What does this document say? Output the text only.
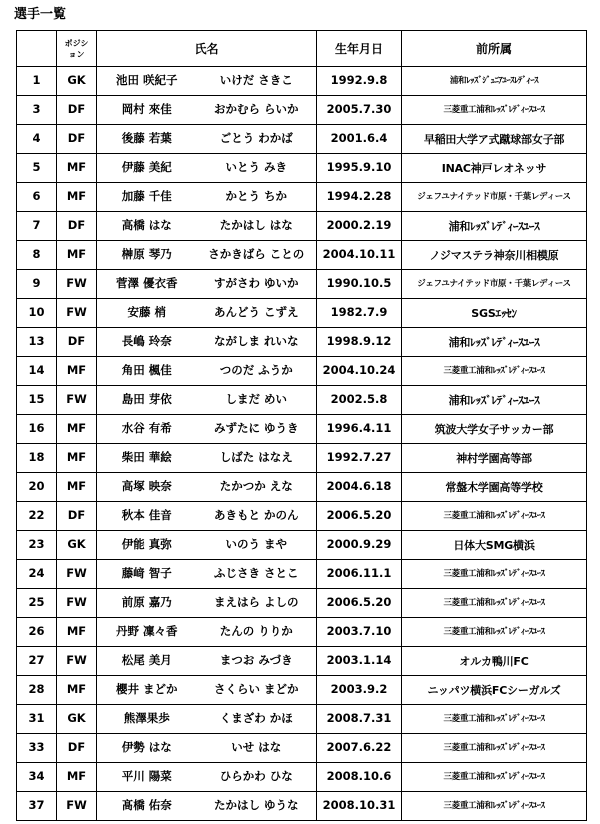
選手一覧
	ポジシ
ョン	氏名		生年月日	前所属
1	GK	池田 咲紀子	いけだ さきこ	1992.9.8	浦和ﾚｯｽﾞｼﾞｭﾆｱﾕｰｽﾚﾃﾞｨｰｽ
3	DF	岡村 來佳	おかむら らいか	2005.7.30	三菱重工浦和ﾚｯｽﾞﾚﾃﾞｨｰｽﾕｰｽ
4	DF	後藤 若葉	ごとう わかば	2001.6.4	早稲田大学ア式蹴球部女子部
5	MF	伊藤 美紀	いとう みき	1995.9.10	INAC神戸レオネッサ
6	MF	加藤 千佳	かとう ちか	1994.2.28	ジェフユナイテッド市原・千葉レディース
7	DF	高橋 はな	たかはし はな	2000.2.19	浦和ﾚｯｽﾞﾚﾃﾞｨｰｽﾕｰｽ
8	MF	榊原 琴乃	さかきばら ことの	2004.10.11	ノジマステラ神奈川相模原
9	FW	菅澤 優衣香	すがさわ ゆいか	1990.10.5	ジェフユナイテッド市原・千葉レディース
10	FW	安藤 梢	あんどう こずえ	1982.7.9	SGSｴｯｾﾝ
13	DF	長嶋 玲奈	ながしま れいな	1998.9.12	浦和ﾚｯｽﾞﾚﾃﾞｨｰｽﾕｰｽ
14	MF	角田 楓佳	つのだ ふうか	2004.10.24	三菱重工浦和ﾚｯｽﾞﾚﾃﾞｨｰｽﾕｰｽ
15	FW	島田 芽依	しまだ めい	2002.5.8	浦和ﾚｯｽﾞﾚﾃﾞｨｰｽﾕｰｽ
16	MF	水谷 有希	みずたに ゆうき	1996.4.11	筑波大学女子サッカー部
18	MF	柴田 華絵	しばた はなえ	1992.7.27	神村学園高等部
20	MF	高塚 映奈	たかつか えな	2004.6.18	常盤木学園高等学校
22	DF	秋本 佳音	あきもと かのん	2006.5.20	三菱重工浦和ﾚｯｽﾞﾚﾃﾞｨｰｽﾕｰｽ
23	GK	伊能 真弥	いのう まや	2000.9.29	日体大SMG横浜
24	FW	藤﨑 智子	ふじさき さとこ	2006.11.1	三菱重工浦和ﾚｯｽﾞﾚﾃﾞｨｰｽﾕｰｽ
25	FW	前原 嘉乃	まえはら よしの	2006.5.20	三菱重工浦和ﾚｯｽﾞﾚﾃﾞｨｰｽﾕｰｽ
26	MF	丹野 凜々香	たんの りりか	2003.7.10	三菱重工浦和ﾚｯｽﾞﾚﾃﾞｨｰｽﾕｰｽ
27	FW	松尾 美月	まつお みづき	2003.1.14	オルカ鴨川FC
28	MF	櫻井 まどか	さくらい まどか	2003.9.2	ニッパツ横浜FCシーガルズ
31	GK	熊澤果歩	くまざわ かほ	2008.7.31	三菱重工浦和ﾚｯｽﾞﾚﾃﾞｨｰｽﾕｰｽ
33	DF	伊勢 はな	いせ はな	2007.6.22	三菱重工浦和ﾚｯｽﾞﾚﾃﾞｨｰｽﾕｰｽ
34	MF	平川 陽菜	ひらかわ ひな	2008.10.6	三菱重工浦和ﾚｯｽﾞﾚﾃﾞｨｰｽﾕｰｽ
37	FW	髙橋 佑奈	たかはし ゆうな	2008.10.31	三菱重工浦和ﾚｯｽﾞﾚﾃﾞｨｰｽﾕｰｽ
